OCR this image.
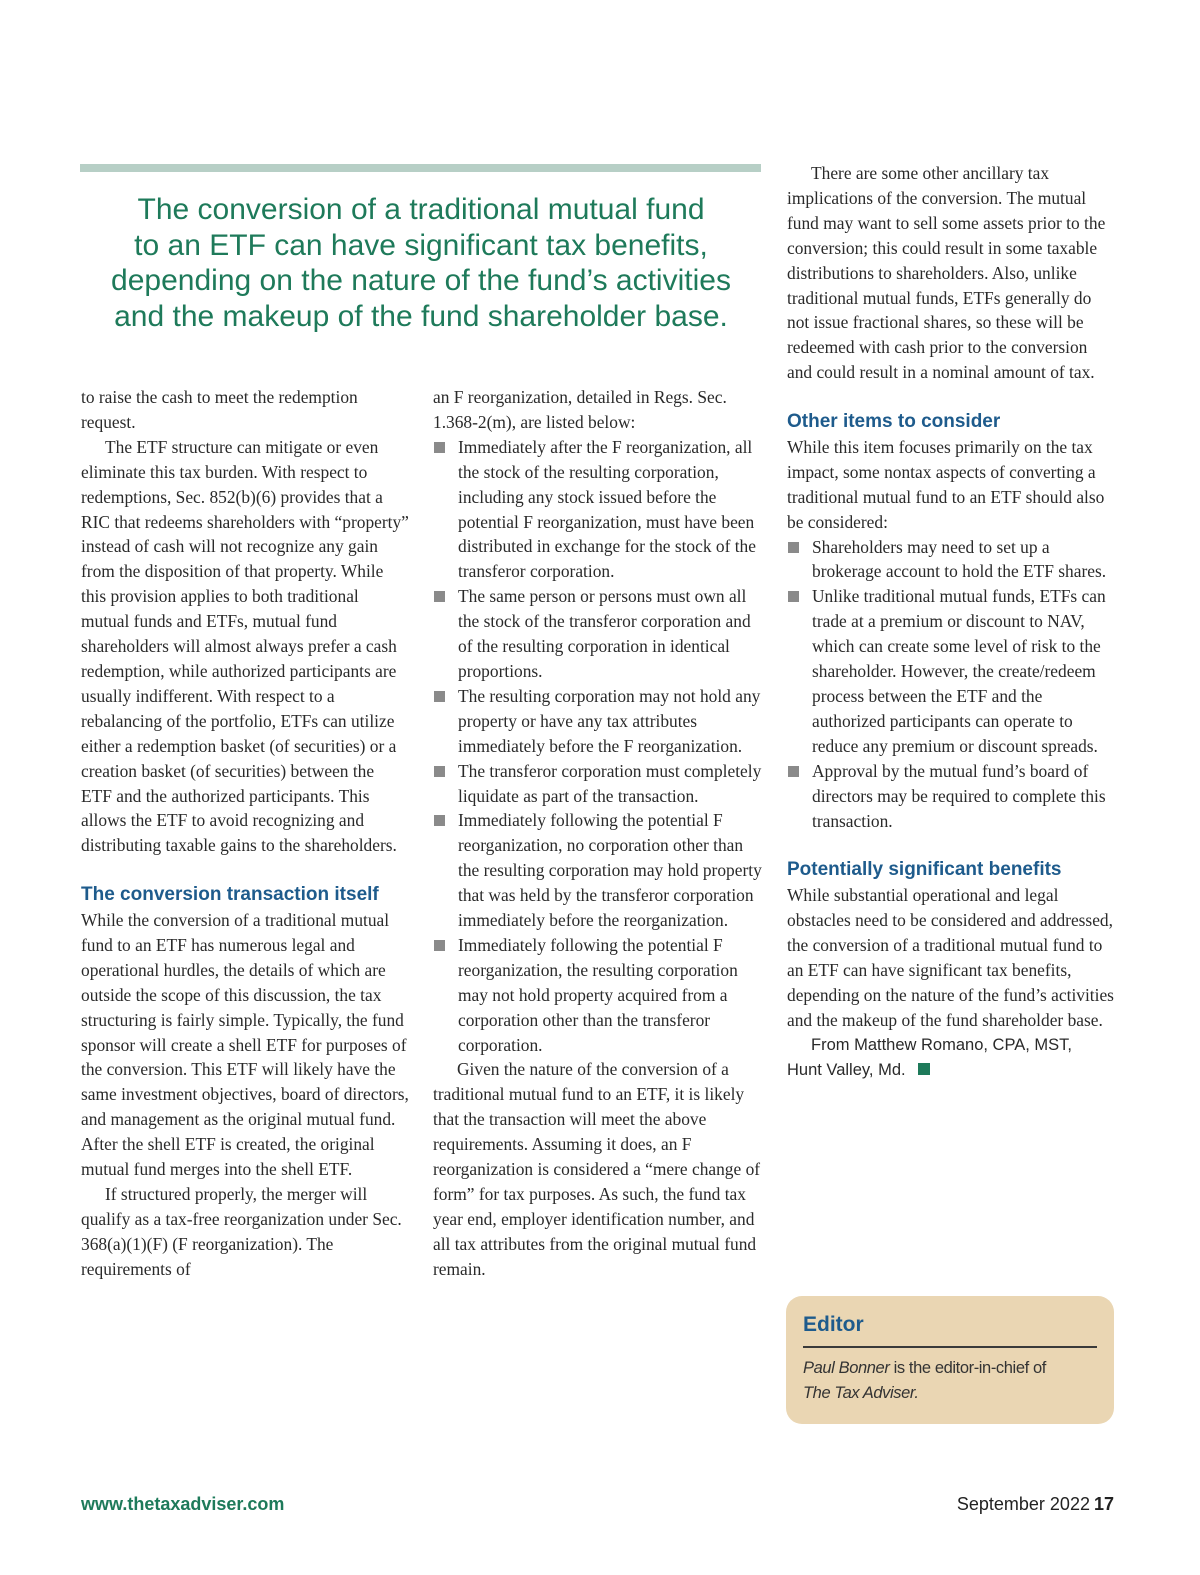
The conversion of a traditional mutual fund
to an ETF can have significant tax benefits,
depending on the nature of the fund’s activities
and the makeup of the fund shareholder base.

to raise the cash to meet the redemption request.

The ETF structure can mitigate or even eliminate this tax burden. With respect to redemptions, Sec. 852(b)(6) provides that a RIC that redeems shareholders with “property” instead of cash will not recognize any gain from the disposition of that property. While this provision applies to both traditional mutual funds and ETFs, mutual fund shareholders will almost always prefer a cash redemption, while authorized participants are usually indifferent. With respect to a rebalancing of the portfolio, ETFs can utilize either a redemption basket (of securities) or a creation basket (of securities) between the ETF and the authorized participants. This allows the ETF to avoid recognizing and distributing taxable gains to the shareholders.

The conversion transaction itself

While the conversion of a traditional mutual fund to an ETF has numerous legal and operational hurdles, the details of which are outside the scope of this discussion, the tax structuring is fairly simple. Typically, the fund sponsor will create a shell ETF for purposes of the conversion. This ETF will likely have the same investment objectives, board of directors, and management as the original mutual fund. After the shell ETF is created, the original mutual fund merges into the shell ETF.

If structured properly, the merger will qualify as a tax-free reorganization under Sec. 368(a)(1)(F) (F reorganization). The requirements of

an F reorganization, detailed in Regs. Sec. 1.368-2(m), are listed below:

Immediately after the F reorganization, all the stock of the resulting corporation, including any stock issued before the potential F reorganization, must have been distributed in exchange for the stock of the transferor corporation.
The same person or persons must own all the stock of the transferor corporation and of the resulting corporation in identical proportions.
The resulting corporation may not hold any property or have any tax attributes immediately before the F reorganization.
The transferor corporation must completely liquidate as part of the transaction.
Immediately following the potential F reorganization, no corporation other than the resulting corporation may hold property that was held by the transferor corporation immediately before the reorganization.
Immediately following the potential F reorganization, the resulting corporation may not hold property acquired from a corporation other than the transferor corporation.

Given the nature of the conversion of a traditional mutual fund to an ETF, it is likely that the transaction will meet the above requirements. Assuming it does, an F reorganization is considered a “mere change of form” for tax purposes. As such, the fund tax year end, employer identification number, and all tax attributes from the original mutual fund remain.

There are some other ancillary tax implications of the conversion. The mutual fund may want to sell some assets prior to the conversion; this could result in some taxable distributions to shareholders. Also, unlike traditional mutual funds, ETFs generally do not issue fractional shares, so these will be redeemed with cash prior to the conversion and could result in a nominal amount of tax.

Other items to consider

While this item focuses primarily on the tax impact, some nontax aspects of converting a traditional mutual fund to an ETF should also be considered:

Shareholders may need to set up a brokerage account to hold the ETF shares.
Unlike traditional mutual funds, ETFs can trade at a premium or discount to NAV, which can create some level of risk to the shareholder. However, the create/redeem process between the ETF and the authorized participants can operate to reduce any premium or discount spreads.
Approval by the mutual fund’s board of directors may be required to complete this transaction.
Potentially significant benefits

While substantial operational and legal obstacles need to be considered and addressed, the conversion of a traditional mutual fund to an ETF can have significant tax benefits, depending on the nature of the fund’s activities and the makeup of the fund shareholder base.

From Matthew Romano, CPA, MST,
Hunt Valley, Md.
Editor

Paul Bonner is the editor-in-chief of
The Tax Adviser.

www.thetaxadviser.com	September 2022 17
